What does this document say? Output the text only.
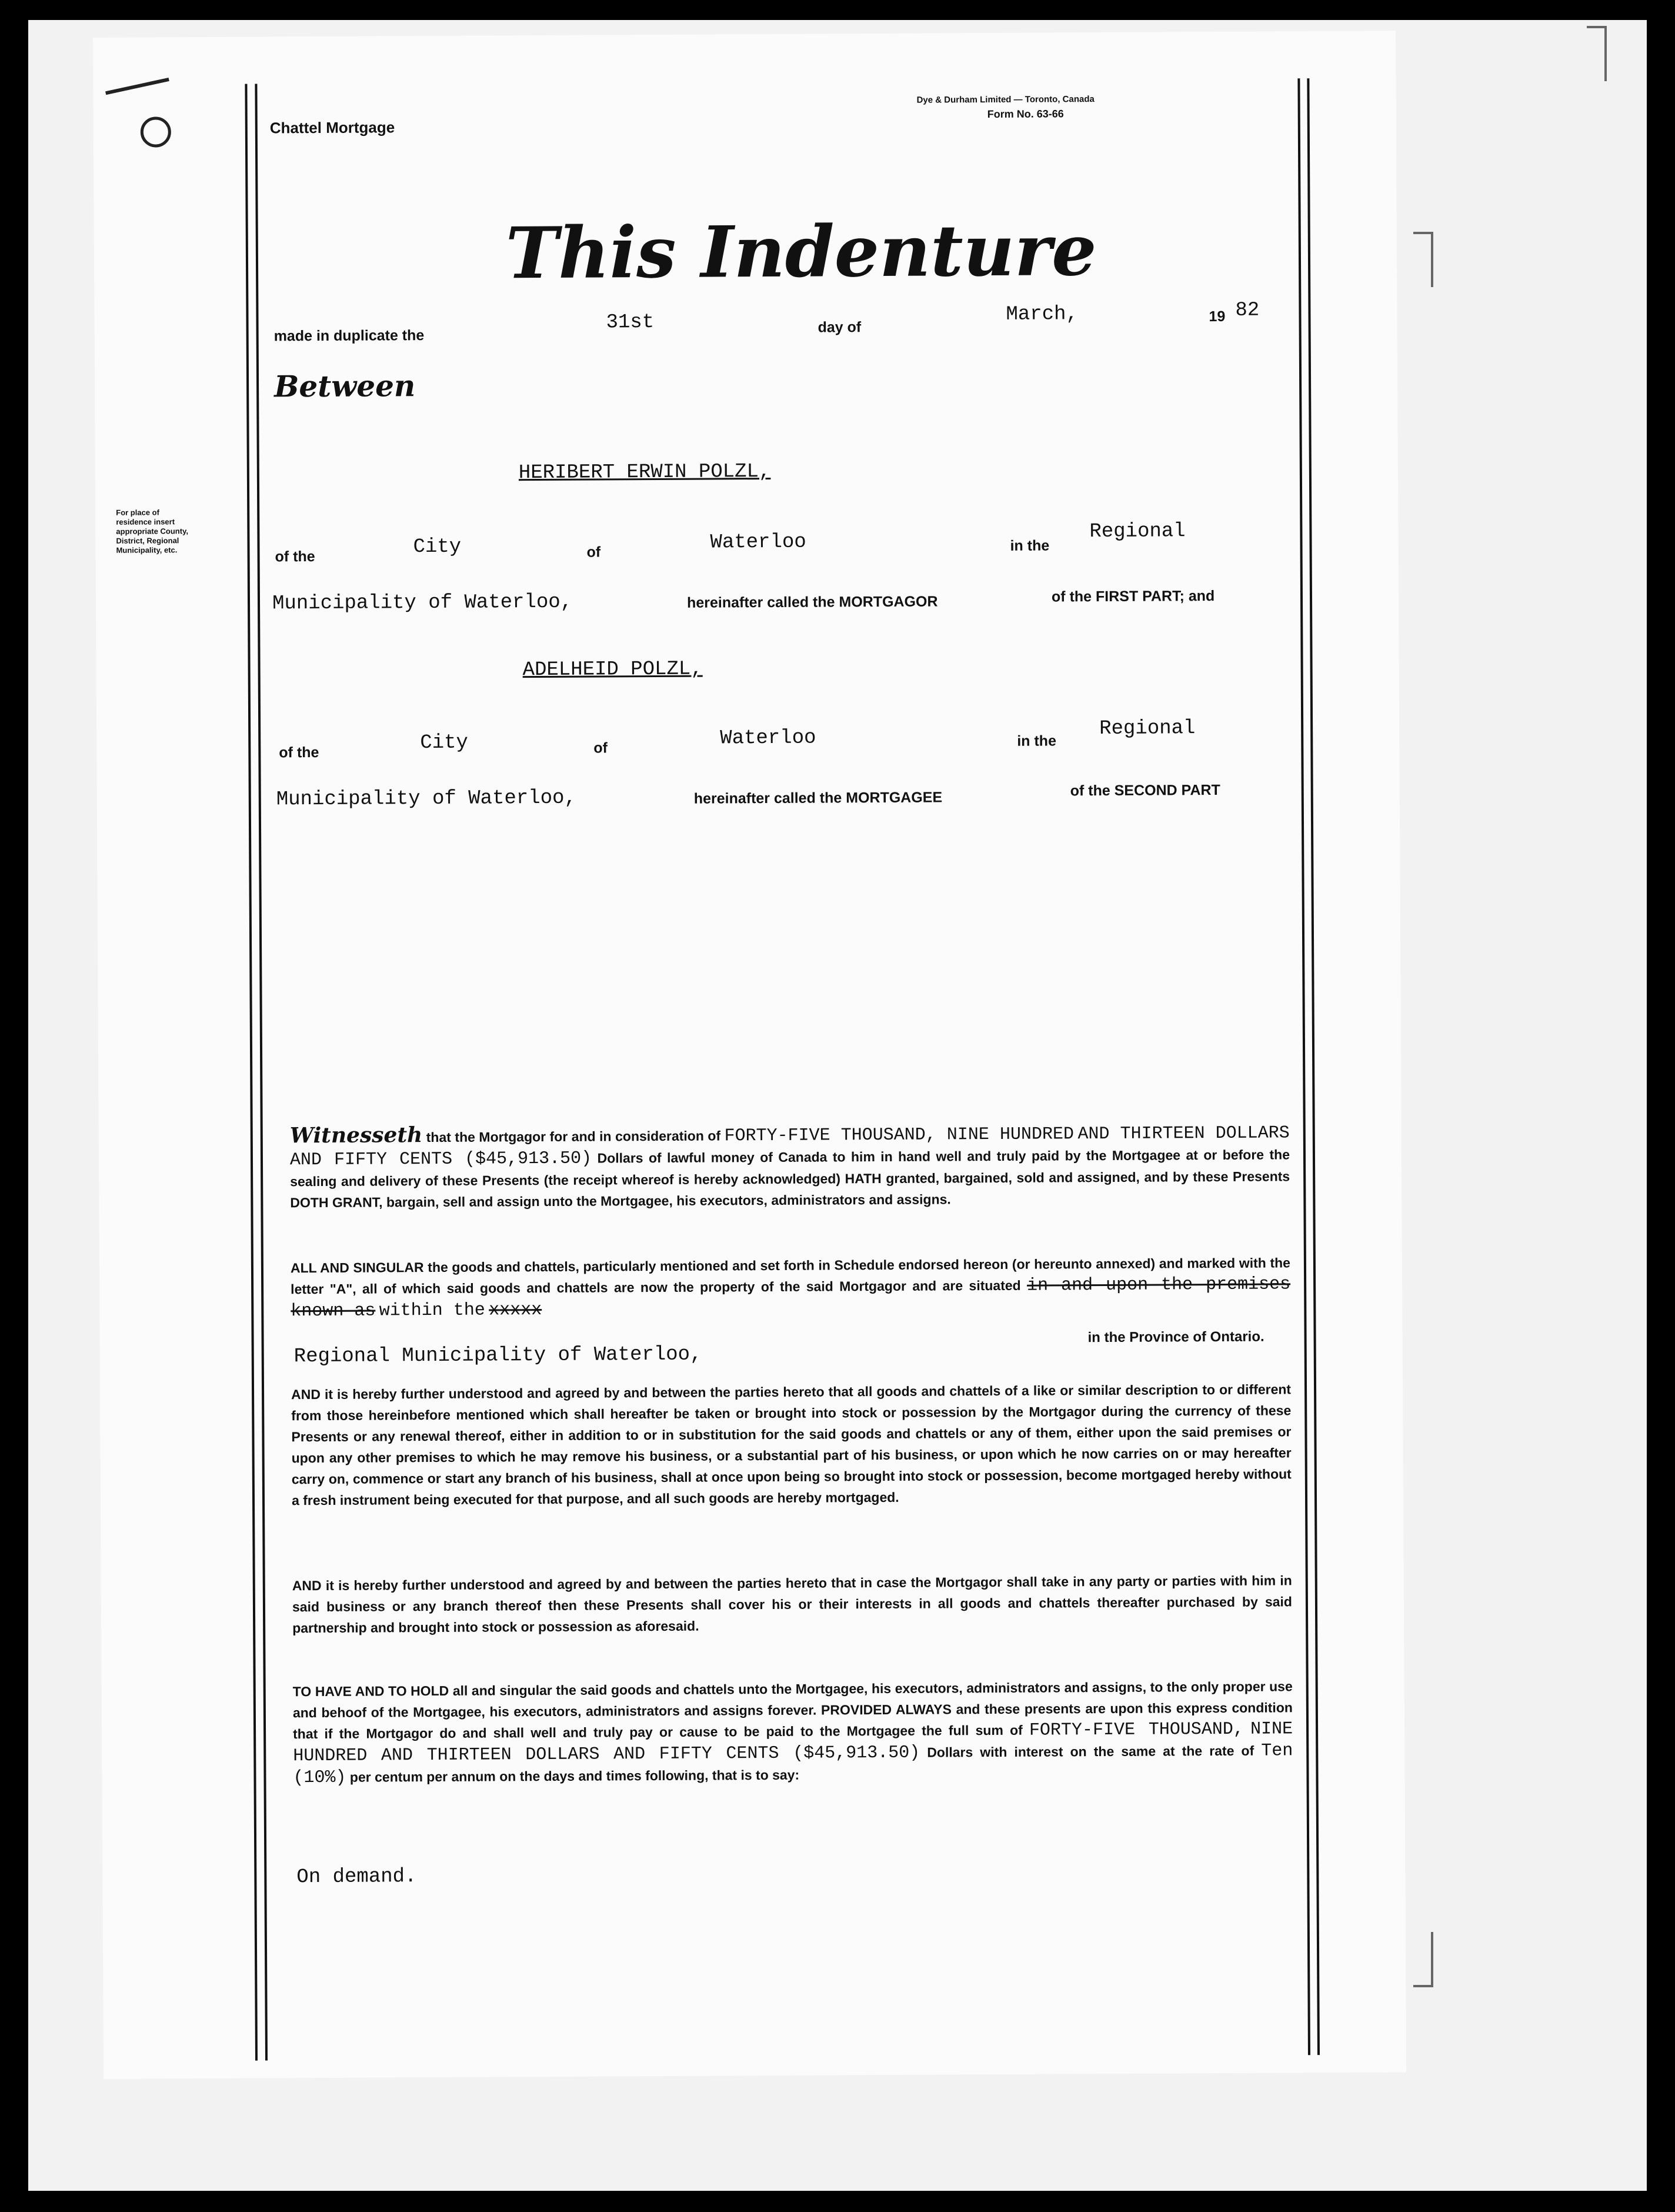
Chattel Mortgage
Dye & Durham Limited — Toronto, Canada
Form No. 63-66
This Indenture
made in duplicate the
31st	day of
March,	19 82
Between
For place of
residence insert
appropriate County,
District, Regional
Municipality, etc.
HERIBERT ERWIN POLZL,
of the	City	of	Waterloo	in the
Regional
Municipality of Waterloo,	hereinafter called the MORTGAGOR	of the FIRST PART; and
ADELHEID POLZL,
of the	City	of	Waterloo	in the
Regional
Municipality of Waterloo,	hereinafter called the MORTGAGEE	of the SECOND PART
Witnesseth that the Mortgagor for and in consideration of FORTY-FIVE THOUSAND, NINE HUNDRED AND THIRTEEN DOLLARS AND FIFTY CENTS ($45,913.50) Dollars of lawful money of Canada to him in hand well and truly paid by the Mortgagee at or before the sealing and delivery of these Presents (the receipt whereof is hereby acknowledged) HATH granted, bargained, sold and assigned, and by these Presents DOTH GRANT, bargain, sell and assign unto the Mortgagee, his executors, administrators and assigns.
ALL AND SINGULAR the goods and chattels, particularly mentioned and set forth in Schedule endorsed hereon (or hereunto annexed) and marked with the letter "A", all of which said goods and chattels are now the property of the said Mortgagor and are situated in and upon the premises known as within the xxxxx
Regional Municipality of Waterloo,
in the Province of Ontario.
AND it is hereby further understood and agreed by and between the parties hereto that all goods and chattels of a like or similar description to or different from those hereinbefore mentioned which shall hereafter be taken or brought into stock or possession by the Mortgagor during the currency of these Presents or any renewal thereof, either in addition to or in substitution for the said goods and chattels or any of them, either upon the said premises or upon any other premises to which he may remove his business, or a substantial part of his business, or upon which he now carries on or may hereafter carry on, commence or start any branch of his business, shall at once upon being so brought into stock or possession, become mortgaged hereby without a fresh instrument being executed for that purpose, and all such goods are hereby mortgaged.
AND it is hereby further understood and agreed by and between the parties hereto that in case the Mortgagor shall take in any party or parties with him in said business or any branch thereof then these Presents shall cover his or their interests in all goods and chattels thereafter purchased by said partnership and brought into stock or possession as aforesaid.
TO HAVE AND TO HOLD all and singular the said goods and chattels unto the Mortgagee, his executors, administrators and assigns, to the only proper use and behoof of the Mortgagee, his executors, administrators and assigns forever. PROVIDED ALWAYS and these presents are upon this express condition that if the Mortgagor do and shall well and truly pay or cause to be paid to the Mortgagee the full sum of FORTY-FIVE THOUSAND, NINE HUNDRED AND THIRTEEN DOLLARS AND FIFTY CENTS ($45,913.50) Dollars with interest on the same at the rate of Ten (10%) per centum per annum on the days and times following, that is to say:
On demand.
